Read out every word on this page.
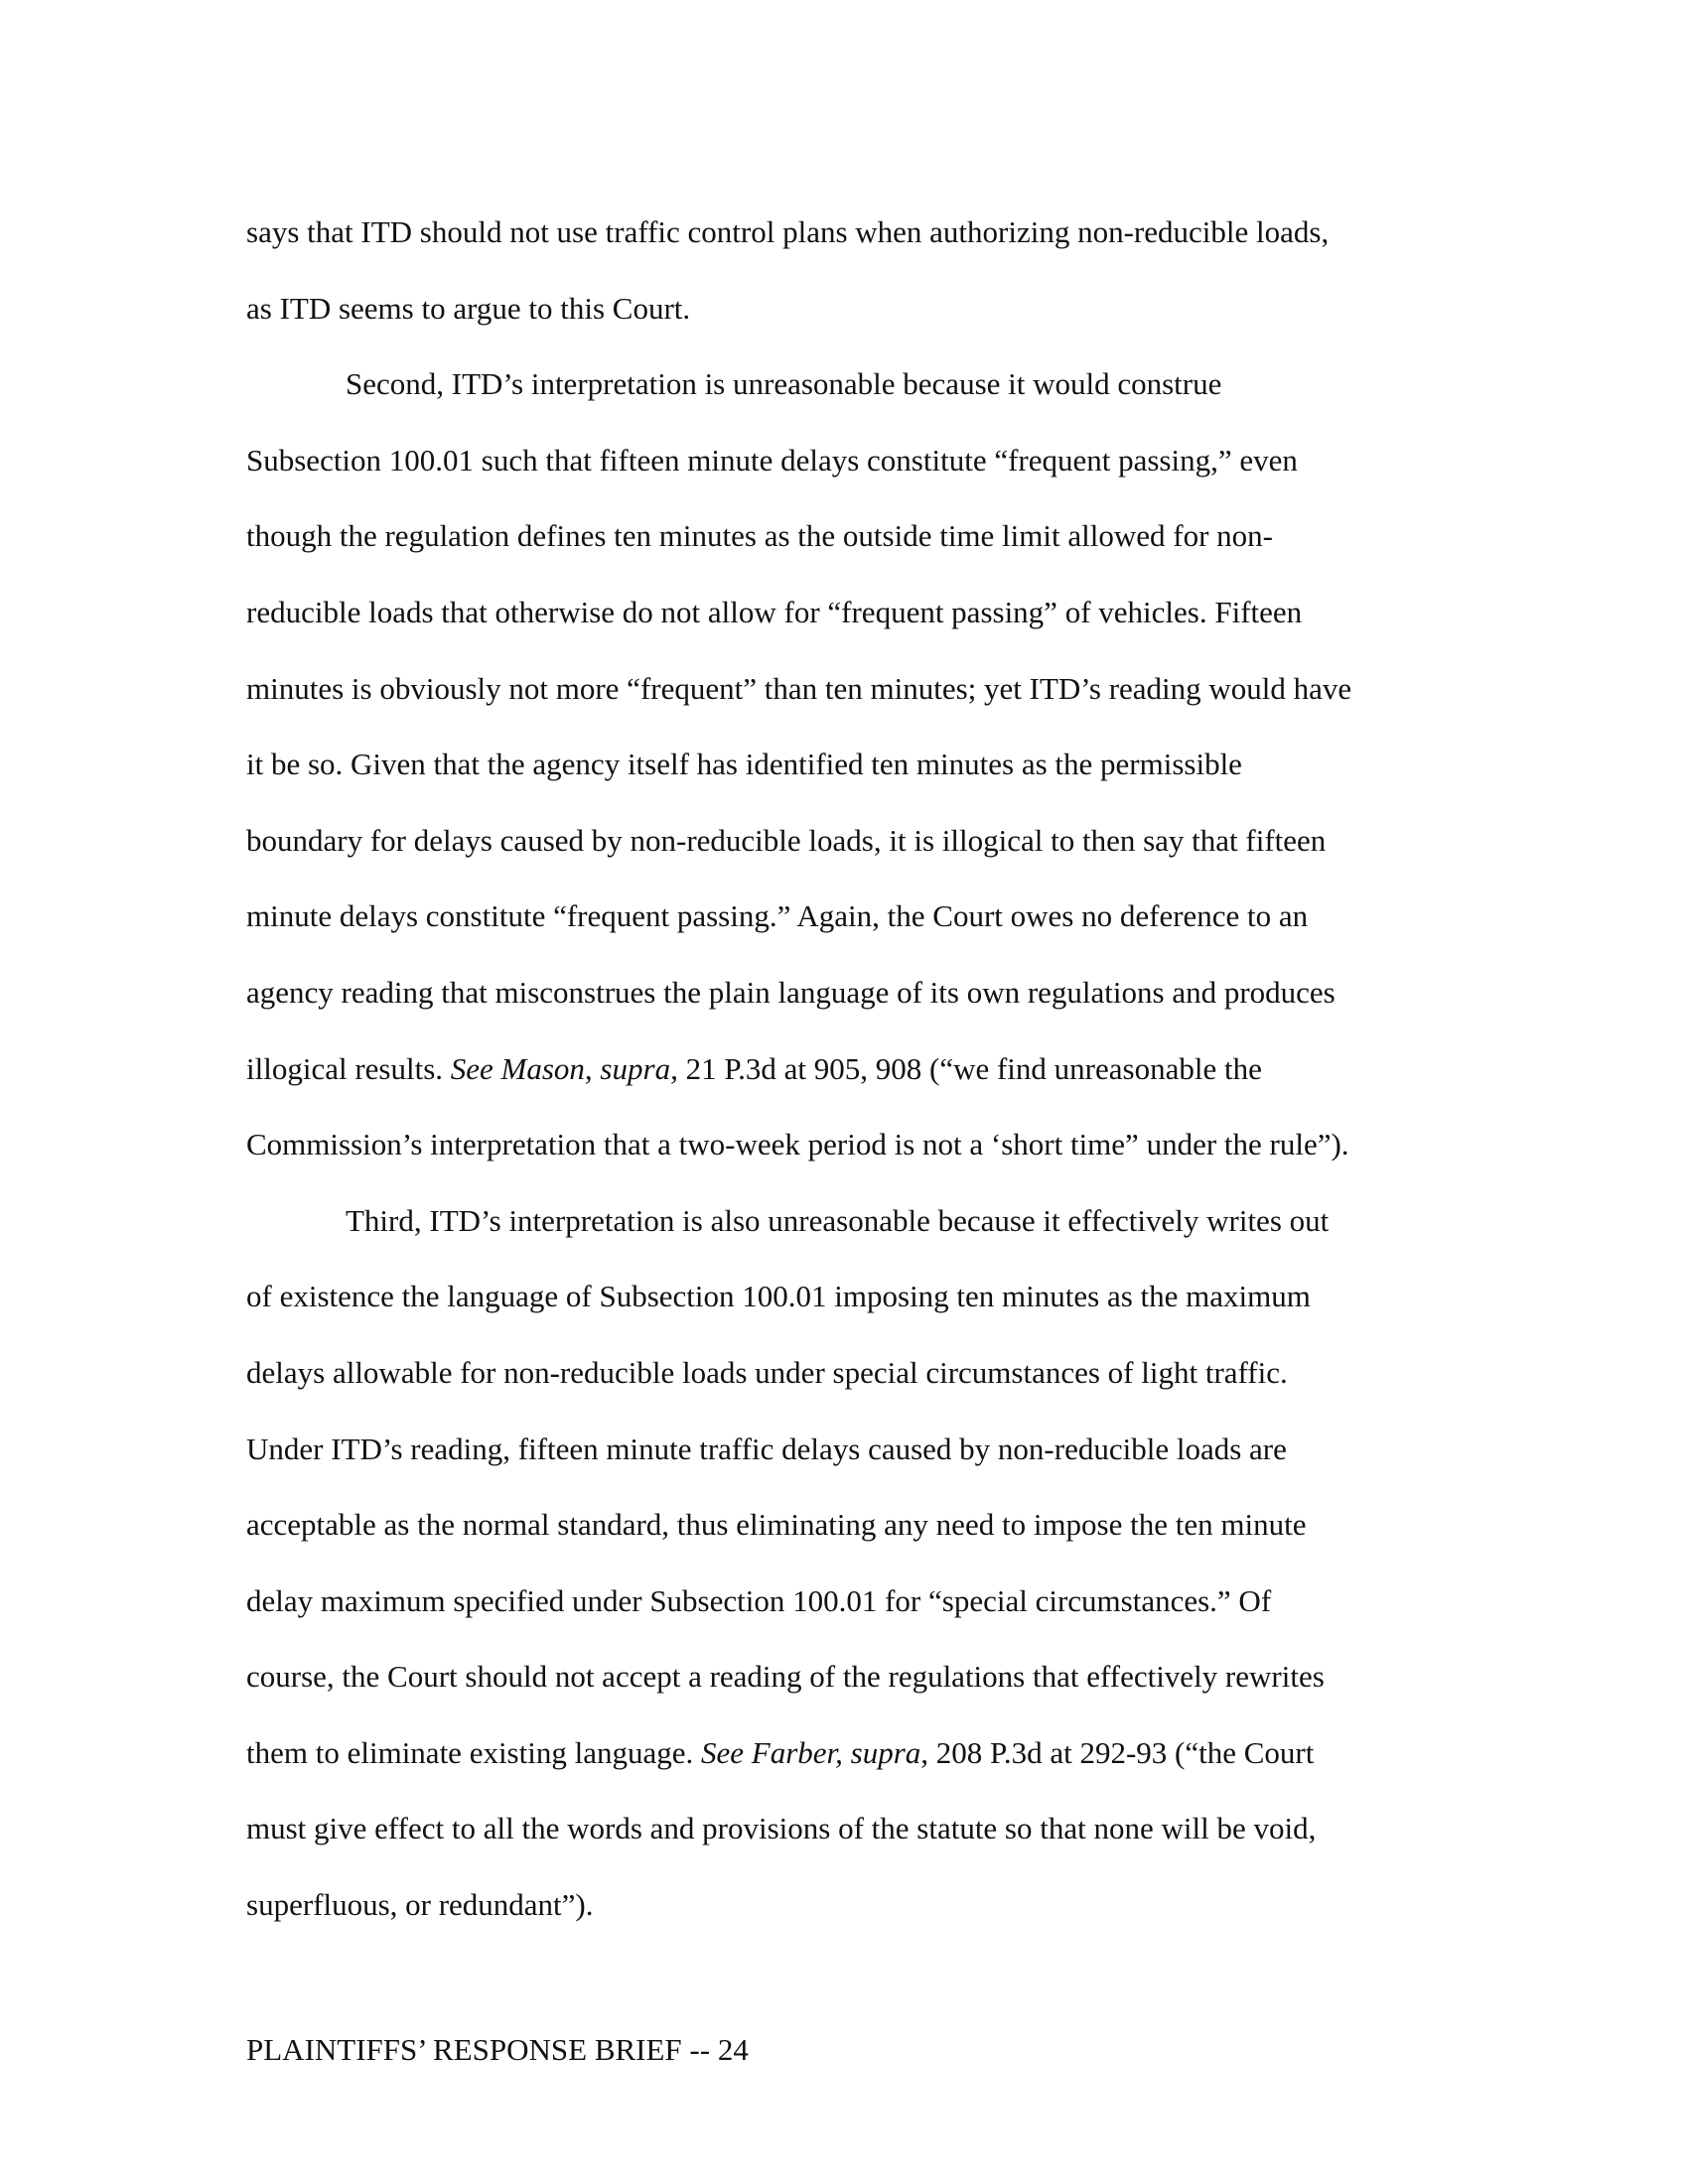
says that ITD should not use traffic control plans when authorizing non-reducible loads,
as ITD seems to argue to this Court.
Second, ITD’s interpretation is unreasonable because it would construe
Subsection 100.01 such that fifteen minute delays constitute “frequent passing,” even
though the regulation defines ten minutes as the outside time limit allowed for non-
reducible loads that otherwise do not allow for “frequent passing” of vehicles. Fifteen
minutes is obviously not more “frequent” than ten minutes; yet ITD’s reading would have
it be so. Given that the agency itself has identified ten minutes as the permissible
boundary for delays caused by non-reducible loads, it is illogical to then say that fifteen
minute delays constitute “frequent passing.” Again, the Court owes no deference to an
agency reading that misconstrues the plain language of its own regulations and produces
illogical results. See Mason, supra, 21 P.3d at 905, 908 (“we find unreasonable the
Commission’s interpretation that a two-week period is not a ‘short time” under the rule”).
Third, ITD’s interpretation is also unreasonable because it effectively writes out
of existence the language of Subsection 100.01 imposing ten minutes as the maximum
delays allowable for non-reducible loads under special circumstances of light traffic.
Under ITD’s reading, fifteen minute traffic delays caused by non-reducible loads are
acceptable as the normal standard, thus eliminating any need to impose the ten minute
delay maximum specified under Subsection 100.01 for “special circumstances.” Of
course, the Court should not accept a reading of the regulations that effectively rewrites
them to eliminate existing language. See Farber, supra, 208 P.3d at 292-93 (“the Court
must give effect to all the words and provisions of the statute so that none will be void,
superfluous, or redundant”).
PLAINTIFFS’ RESPONSE BRIEF -- 24
